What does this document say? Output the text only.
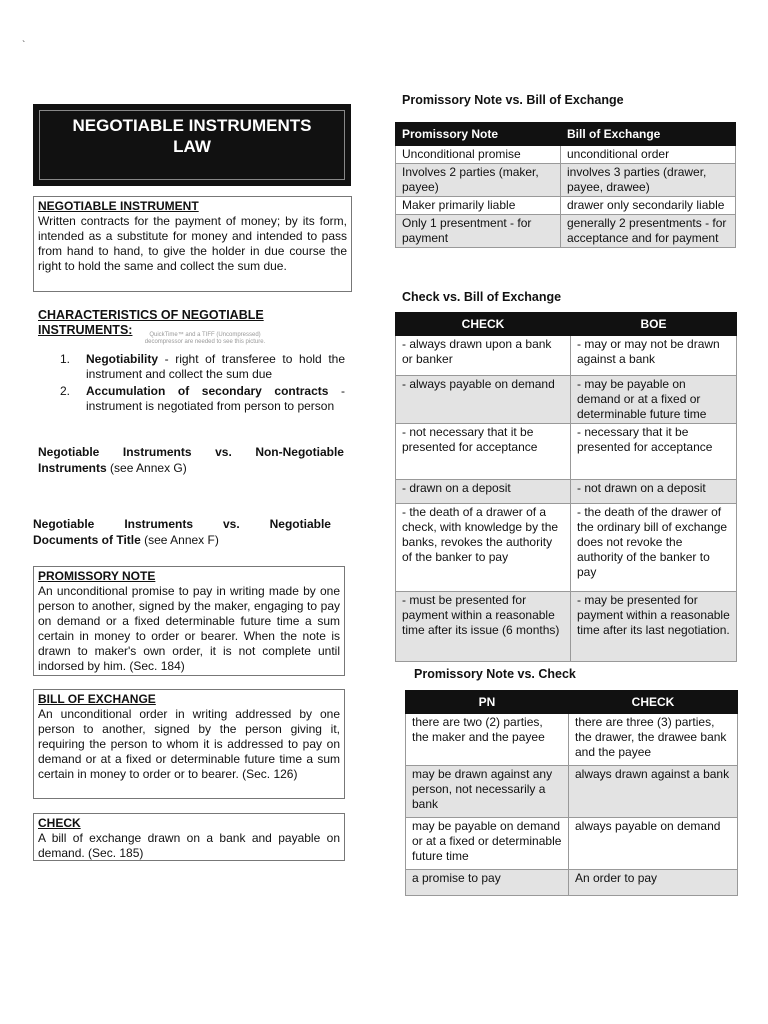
`
NEGOTIABLE INSTRUMENTS
LAW
NEGOTIABLE INSTRUMENT
Written contracts for the payment of money; by its form, intended as a substitute for money and intended to pass from hand to hand, to give the holder in due course the right to hold the same and collect the sum due.
CHARACTERISTICS OF NEGOTIABLE INSTRUMENTS:	QuickTime™ and a TIFF (Uncompressed) decompressor are needed to see this picture.
1. Negotiability - right of transferee to hold the instrument and collect the sum due
2. Accumulation of secondary contracts - instrument is negotiated from person to person
Negotiable Instruments vs. Non-Negotiable
Instruments (see Annex G)
Negotiable Instruments vs. Negotiable
Documents of Title (see Annex F)
PROMISSORY NOTE
An unconditional promise to pay in writing made by one person to another, signed by the maker, engaging to pay on demand or a fixed determinable future time a sum certain in money to order or bearer. When the note is drawn to maker's own order, it is not complete until indorsed by him. (Sec. 184)
BILL OF EXCHANGE
An unconditional order in writing addressed by one person to another, signed by the person giving it, requiring the person to whom it is addressed to pay on demand or at a fixed or determinable future time a sum certain in money to order or to bearer. (Sec. 126)
CHECK
A bill of exchange drawn on a bank and payable on demand. (Sec. 185)
Promissory Note vs. Bill of Exchange
Promissory Note	Bill of Exchange
Unconditional promise	unconditional order
Involves 2 parties (maker, payee)	involves 3 parties (drawer, payee, drawee)
Maker primarily liable	drawer only secondarily liable
Only 1 presentment - for payment	generally 2 presentments - for acceptance and for payment
Check vs. Bill of Exchange
CHECK	BOE
- always drawn upon a bank or banker	- may or may not be drawn against a bank
- always payable on demand	- may be payable on demand or at a fixed or determinable future time
- not necessary that it be presented for acceptance	- necessary that it be presented for acceptance
- drawn on a deposit	- not drawn on a deposit
- the death of a drawer of a check, with knowledge by the banks, revokes the authority of the banker to pay	- the death of the drawer of the ordinary bill of exchange does not revoke the authority of the banker to pay
- must be presented for payment within a reasonable time after its issue (6 months)	- may be presented for payment within a reasonable time after its last negotiation.
Promissory Note vs. Check
PN	CHECK
there are two (2) parties, the maker and the payee	there are three (3) parties, the drawer, the drawee bank and the payee
may be drawn against any person, not necessarily a bank	always drawn against a bank
may be payable on demand or at a fixed or determinable future time	always payable on demand
a promise to pay	An order to pay
